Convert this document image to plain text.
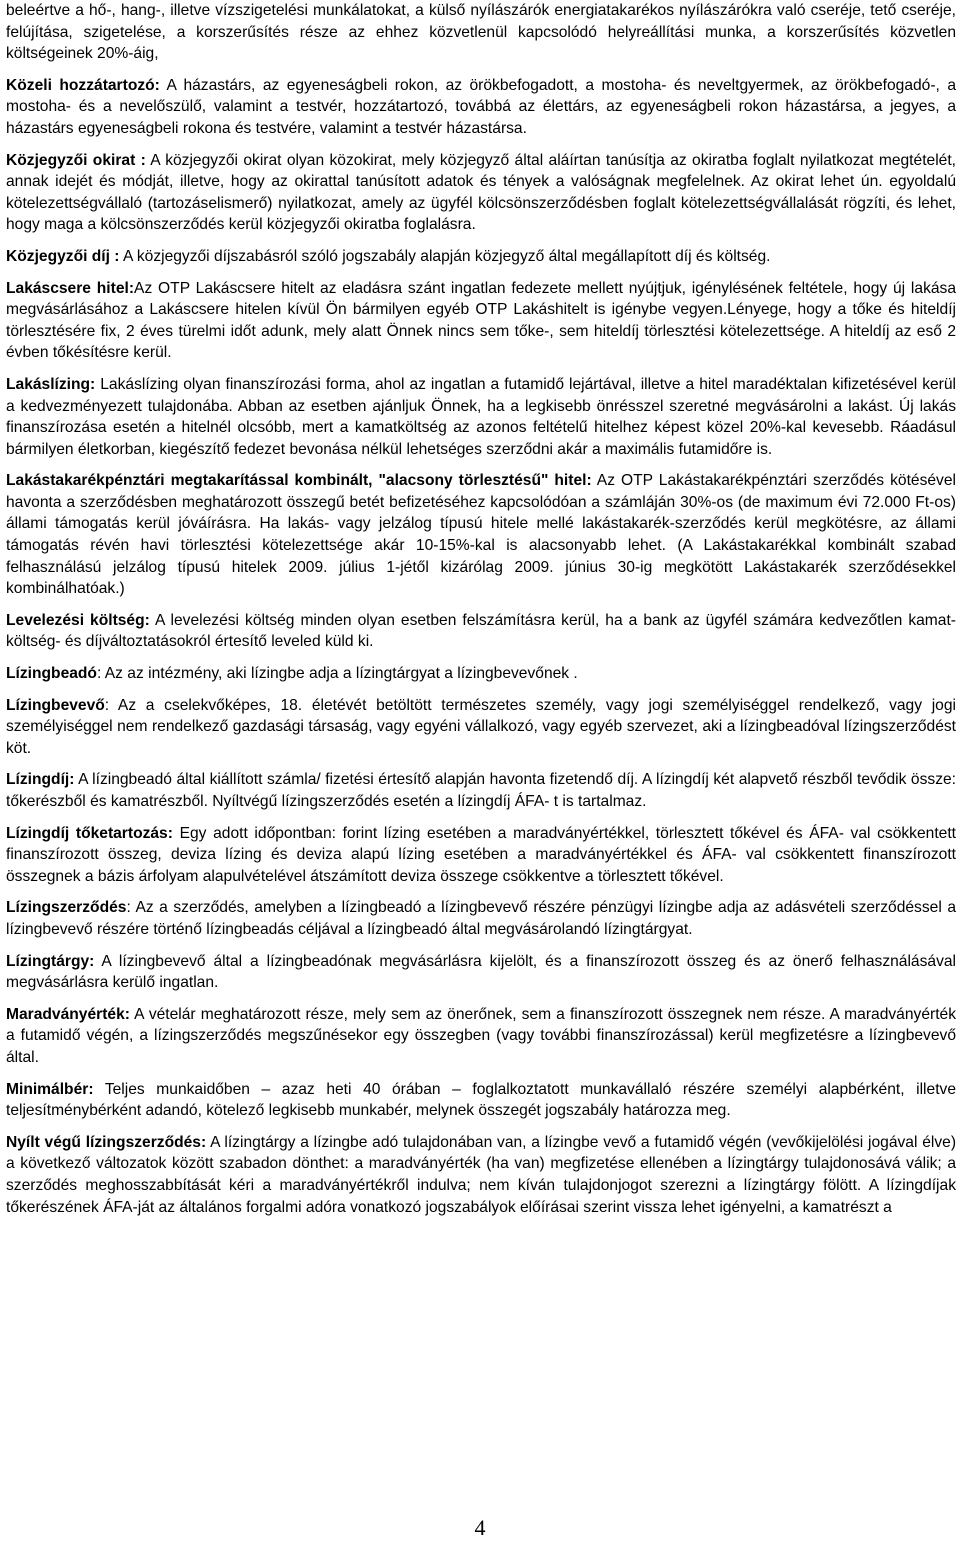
beleértve a hő-, hang-, illetve vízszigetelési munkálatokat, a külső nyílászárók energiatakarékos nyílászárókra való cseréje, tető cseréje, felújítása, szigetelése, a korszerűsítés része az ehhez közvetlenül kapcsolódó helyreállítási munka, a korszerűsítés közvetlen költségeinek 20%-áig,

Közeli hozzátartozó: A házastárs, az egyeneságbeli rokon, az örökbefogadott, a mostoha- és neveltgyermek, az örökbefogadó-, a mostoha- és a nevelőszülő, valamint a testvér, hozzátartozó, továbbá az élettárs, az egyeneságbeli rokon házastársa, a jegyes, a házastárs egyeneságbeli rokona és testvére, valamint a testvér házastársa.

Közjegyzői okirat : A közjegyzői okirat olyan közokirat, mely közjegyző által aláírtan tanúsítja az okiratba foglalt nyilatkozat megtételét, annak idejét és módját, illetve, hogy az okirattal tanúsított adatok és tények a valóságnak megfelelnek. Az okirat lehet ún. egyoldalú kötelezettségvállaló (tartozáselismerő) nyilatkozat, amely az ügyfél kölcsönszerződésben foglalt kötelezettségvállalását rögzíti, és lehet, hogy maga a kölcsönszerződés kerül közjegyzői okiratba foglalásra.

Közjegyzői díj : A közjegyzői díjszabásról szóló jogszabály alapján közjegyző által megállapított díj és költség.

Lakáscsere hitel:Az OTP Lakáscsere hitelt az eladásra szánt ingatlan fedezete mellett nyújtjuk, igénylésének feltétele, hogy új lakása megvásárlásához a Lakáscsere hitelen kívül Ön bármilyen egyéb OTP Lakáshitelt is igénybe vegyen.Lényege, hogy a tőke és hiteldíj törlesztésére fix, 2 éves türelmi időt adunk, mely alatt Önnek nincs sem tőke-, sem hiteldíj törlesztési kötelezettsége. A hiteldíj az eső 2 évben tőkésítésre kerül.

Lakáslízing: Lakáslízing olyan finanszírozási forma, ahol az ingatlan a futamidő lejártával, illetve a hitel maradéktalan kifizetésével kerül a kedvezményezett tulajdonába. Abban az esetben ajánljuk Önnek, ha a legkisebb önrésszel szeretné megvásárolni a lakást. Új lakás finanszírozása esetén a hitelnél olcsóbb, mert a kamatköltség az azonos feltételű hitelhez képest közel 20%-kal kevesebb. Ráadásul bármilyen életkorban, kiegészítő fedezet bevonása nélkül lehetséges szerződni akár a maximális futamidőre is.

Lakástakarékpénztári megtakarítással kombinált, "alacsony törlesztésű" hitel: Az OTP Lakástakarékpénztári szerződés kötésével havonta a szerződésben meghatározott összegű betét befizetéséhez kapcsolódóan a számláján 30%-os (de maximum évi 72.000 Ft-os) állami támogatás kerül jóváírásra. Ha lakás- vagy jelzálog típusú hitele mellé lakástakarék-szerződés kerül megkötésre, az állami támogatás révén havi törlesztési kötelezettsége akár 10-15%-kal is alacsonyabb lehet. (A Lakástakarékkal kombinált szabad felhasználású jelzálog típusú hitelek 2009. július 1-jétől kizárólag 2009. június 30-ig megkötött Lakástakarék szerződésekkel kombinálhatóak.)

Levelezési költség: A levelezési költség minden olyan esetben felszámításra kerül, ha a bank az ügyfél számára kedvezőtlen kamat- költség- és díjváltoztatásokról értesítő leveled küld ki.

Lízingbeadó: Az az intézmény, aki lízingbe adja a lízingtárgyat a lízingbevevőnek .

Lízingbevevő: Az a cselekvőképes, 18. életévét betöltött természetes személy, vagy jogi személyiséggel rendelkező, vagy jogi személyiséggel nem rendelkező gazdasági társaság, vagy egyéni vállalkozó, vagy egyéb szervezet, aki a lízingbeadóval lízingszerződést köt.

Lízingdíj: A lízingbeadó által kiállított számla/ fizetési értesítő alapján havonta fizetendő díj. A lízingdíj két alapvető részből tevődik össze: tőkerészből és kamatrészből. Nyíltvégű lízingszerződés esetén a lízingdíj ÁFA- t is tartalmaz.

Lízingdíj tőketartozás: Egy adott időpontban: forint lízing esetében a maradványértékkel, törlesztett tőkével és ÁFA- val csökkentett finanszírozott összeg, deviza lízing és deviza alapú lízing esetében a maradványértékkel és ÁFA- val csökkentett finanszírozott összegnek a bázis árfolyam alapulvételével átszámított deviza összege csökkentve a törlesztett tőkével.

Lízingszerződés: Az a szerződés, amelyben a lízingbeadó a lízingbevevő részére pénzügyi lízingbe adja az adásvételi szerződéssel a lízingbevevő részére történő lízingbeadás céljával a lízingbeadó által megvásárolandó lízingtárgyat.

Lízingtárgy: A lízingbevevő által a lízingbeadónak megvásárlásra kijelölt, és a finanszírozott összeg és az önerő felhasználásával megvásárlásra kerülő ingatlan.

Maradványérték: A vételár meghatározott része, mely sem az önerőnek, sem a finanszírozott összegnek nem része. A maradványérték a futamidő végén, a lízingszerződés megszűnésekor egy összegben (vagy további finanszírozással) kerül megfizetésre a lízingbevevő által.

Minimálbér: Teljes munkaidőben – azaz heti 40 órában – foglalkoztatott munkavállaló részére személyi alapbérként, illetve teljesítménybérként adandó, kötelező legkisebb munkabér, melynek összegét jogszabály határozza meg.

Nyílt végű lízingszerződés: A lízingtárgy a lízingbe adó tulajdonában van, a lízingbe vevő a futamidő végén (vevőkijelölési jogával élve) a következő változatok között szabadon dönthet: a maradványérték (ha van) megfizetése ellenében a lízingtárgy tulajdonosává válik; a szerződés meghosszabbítását kéri a maradványértékről indulva; nem kíván tulajdonjogot szerezni a lízingtárgy fölött. A lízingdíjak tőkerészének ÁFA-ját az általános forgalmi adóra vonatkozó jogszabályok előírásai szerint vissza lehet igényelni, a kamatrészt a

4
